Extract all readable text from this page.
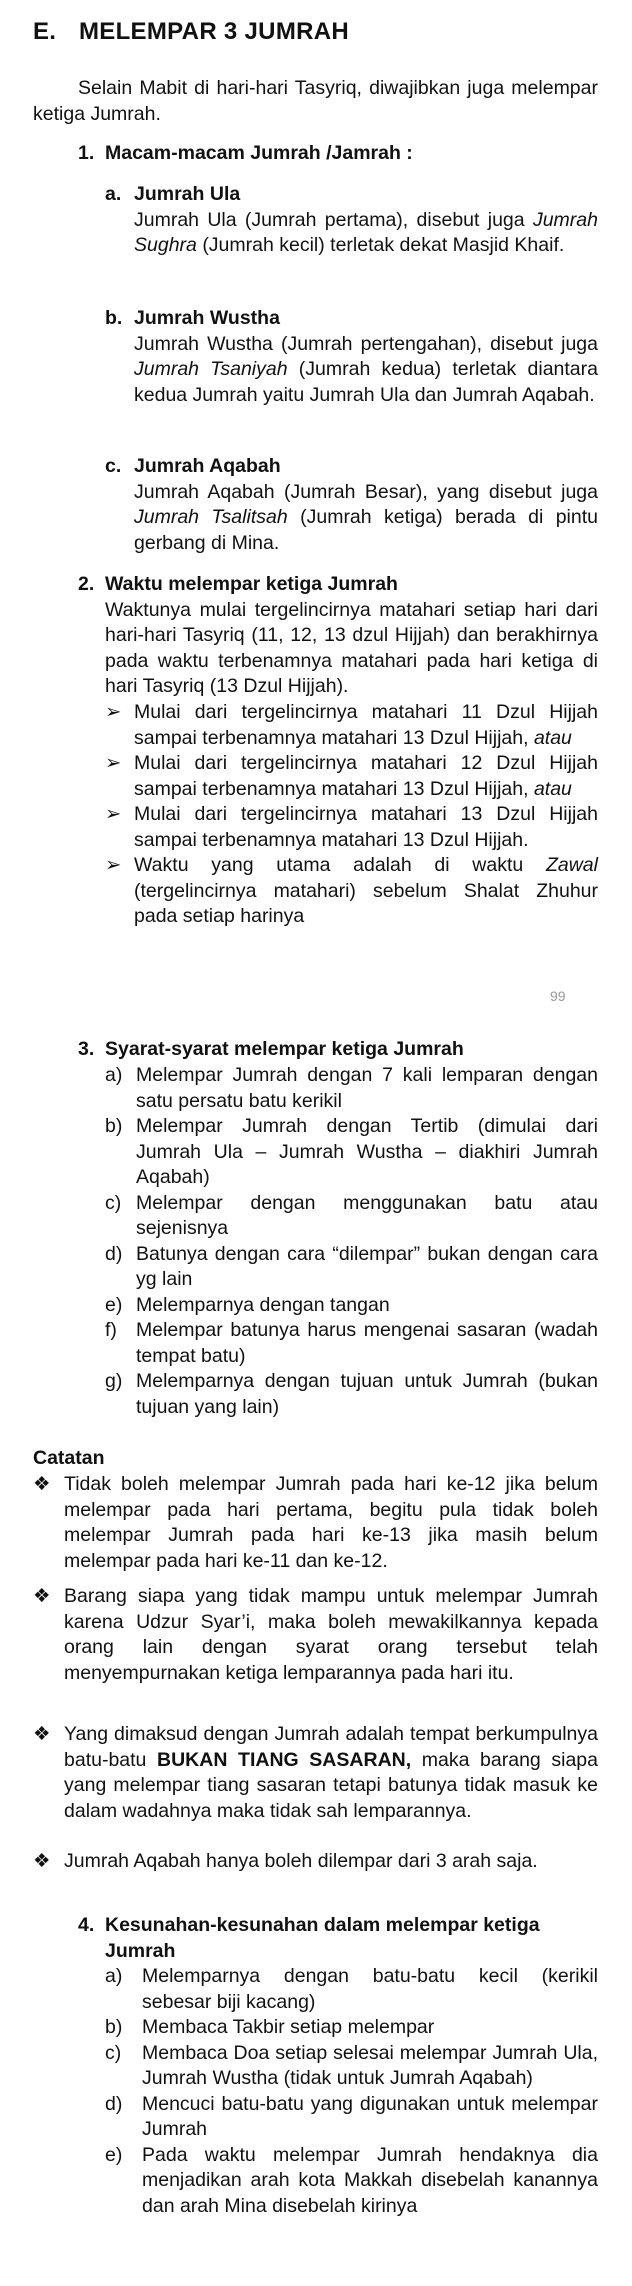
E. MELEMPAR 3 JUMRAH
Selain Mabit di hari-hari Tasyriq, diwajibkan juga melempar ketiga Jumrah.
1. Macam-macam Jumrah /Jamrah :
a. Jumrah Ula
Jumrah Ula (Jumrah pertama), disebut juga Jumrah Sughra (Jumrah kecil) terletak dekat Masjid Khaif.
b. Jumrah Wustha
Jumrah Wustha (Jumrah pertengahan), disebut juga Jumrah Tsaniyah (Jumrah kedua) terletak diantara kedua Jumrah yaitu Jumrah Ula dan Jumrah Aqabah.
c. Jumrah Aqabah
Jumrah Aqabah (Jumrah Besar), yang disebut juga Jumrah Tsalitsah (Jumrah ketiga) berada di pintu gerbang di Mina.
2. Waktu melempar ketiga Jumrah
Waktunya mulai tergelincirnya matahari setiap hari dari hari-hari Tasyriq (11, 12, 13 dzul Hijjah) dan berakhirnya pada waktu terbenamnya matahari pada hari ketiga di hari Tasyriq (13 Dzul Hijjah).
➢ Mulai dari tergelincirnya matahari 11 Dzul Hijjah sampai terbenamnya matahari 13 Dzul Hijjah, atau
➢ Mulai dari tergelincirnya matahari 12 Dzul Hijjah sampai terbenamnya matahari 13 Dzul Hijjah, atau
➢ Mulai dari tergelincirnya matahari 13 Dzul Hijjah sampai terbenamnya matahari 13 Dzul Hijjah.
➢ Waktu yang utama adalah di waktu Zawal (tergelincirnya matahari) sebelum Shalat Zhuhur pada setiap harinya
99
3. Syarat-syarat melempar ketiga Jumrah
a) Melempar Jumrah dengan 7 kali lemparan dengan satu persatu batu kerikil
b) Melempar Jumrah dengan Tertib (dimulai dari Jumrah Ula – Jumrah Wustha – diakhiri Jumrah Aqabah)
c) Melempar dengan menggunakan batu atau sejenisnya
d) Batunya dengan cara “dilempar” bukan dengan cara yg lain
e) Melemparnya dengan tangan
f) Melempar batunya harus mengenai sasaran (wadah tempat batu)
g) Melemparnya dengan tujuan untuk Jumrah (bukan tujuan yang lain)
Catatan
❖ Tidak boleh melempar Jumrah pada hari ke-12 jika belum melempar pada hari pertama, begitu pula tidak boleh melempar Jumrah pada hari ke-13 jika masih belum melempar pada hari ke-11 dan ke-12.
❖ Barang siapa yang tidak mampu untuk melempar Jumrah karena Udzur Syar’i, maka boleh mewakilkannya kepada orang lain dengan syarat orang tersebut telah menyempurnakan ketiga lemparannya pada hari itu.
❖ Yang dimaksud dengan Jumrah adalah tempat berkumpulnya batu-batu BUKAN TIANG SASARAN, maka barang siapa yang melempar tiang sasaran tetapi batunya tidak masuk ke dalam wadahnya maka tidak sah lemparannya.
❖ Jumrah Aqabah hanya boleh dilempar dari 3 arah saja.
4. Kesunahan-kesunahan dalam melempar ketiga Jumrah
a)	Melemparnya dengan batu-batu kecil (kerikil sebesar biji kacang)
b)	Membaca Takbir setiap melempar
c)	Membaca Doa setiap selesai melempar Jumrah Ula, Jumrah Wustha (tidak untuk Jumrah Aqabah)
d)	Mencuci batu-batu yang digunakan untuk melempar Jumrah
e)	Pada waktu melempar Jumrah hendaknya dia menjadikan arah kota Makkah disebelah kanannya dan arah Mina disebelah kirinya
